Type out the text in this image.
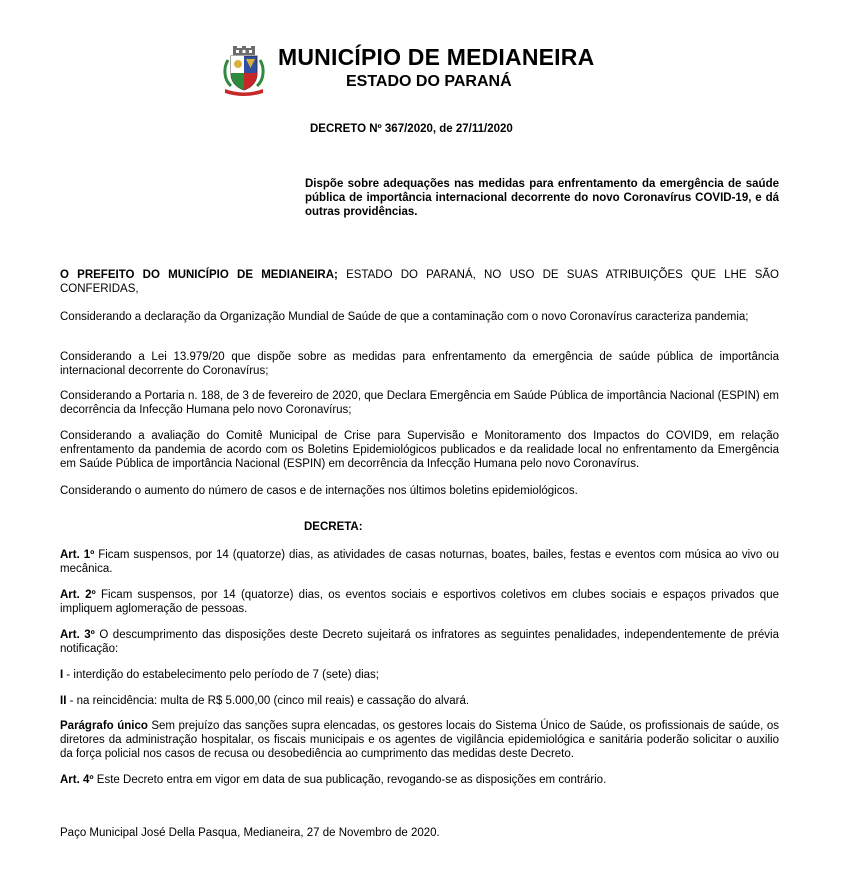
MUNICÍPIO DE MEDIANEIRA
ESTADO DO PARANÁ
DECRETO Nº 367/2020, de 27/11/2020
Dispõe sobre adequações nas medidas para enfrentamento da emergência de saúde pública de importância internacional decorrente do novo Coronavírus COVID-19, e dá outras providências.
O PREFEITO DO MUNICÍPIO DE MEDIANEIRA; ESTADO DO PARANÁ, NO USO DE SUAS ATRIBUIÇÕES QUE LHE SÃO CONFERIDAS,
Considerando a declaração da Organização Mundial de Saúde de que a contaminação com o novo Coronavírus caracteriza pandemia;
Considerando a Lei 13.979/20 que dispõe sobre as medidas para enfrentamento da emergência de saúde pública de importância internacional decorrente do Coronavírus;
Considerando a Portaria n. 188, de 3 de fevereiro de 2020, que Declara Emergência em Saúde Pública de importância Nacional (ESPIN) em decorrência da Infecção Humana pelo novo Coronavírus;
Considerando a avaliação do Comitê Municipal de Crise para Supervisão e Monitoramento dos Impactos do COVID9, em relação enfrentamento da pandemia de acordo com os Boletins Epidemiológicos publicados e da realidade local no enfrentamento da Emergência em Saúde Pública de importância Nacional (ESPIN) em decorrência da Infecção Humana pelo novo Coronavírus.
Considerando o aumento do número de casos e de internações nos últimos boletins epidemiológicos.
DECRETA:
Art. 1º Ficam suspensos, por 14 (quatorze) dias, as atividades de casas noturnas, boates, bailes, festas e eventos com música ao vivo ou mecânica.
Art. 2º Ficam suspensos, por 14 (quatorze) dias, os eventos sociais e esportivos coletivos em clubes sociais e espaços privados que impliquem aglomeração de pessoas.
Art. 3º O descumprimento das disposições deste Decreto sujeitará os infratores as seguintes penalidades, independentemente de prévia notificação:
I - interdição do estabelecimento pelo período de 7 (sete) dias;
II - na reincidência: multa de R$ 5.000,00 (cinco mil reais) e cassação do alvará.
Parágrafo único Sem prejuízo das sanções supra elencadas, os gestores locais do Sistema Único de Saúde, os profissionais de saúde, os diretores da administração hospitalar, os fiscais municipais e os agentes de vigilância epidemiológica e sanitária poderão solicitar o auxilio da força policial nos casos de recusa ou desobediência ao cumprimento das medidas deste Decreto.
Art. 4º Este Decreto entra em vigor em data de sua publicação, revogando-se as disposições em contrário.
Paço Municipal José Della Pasqua, Medianeira, 27 de Novembro de 2020.
